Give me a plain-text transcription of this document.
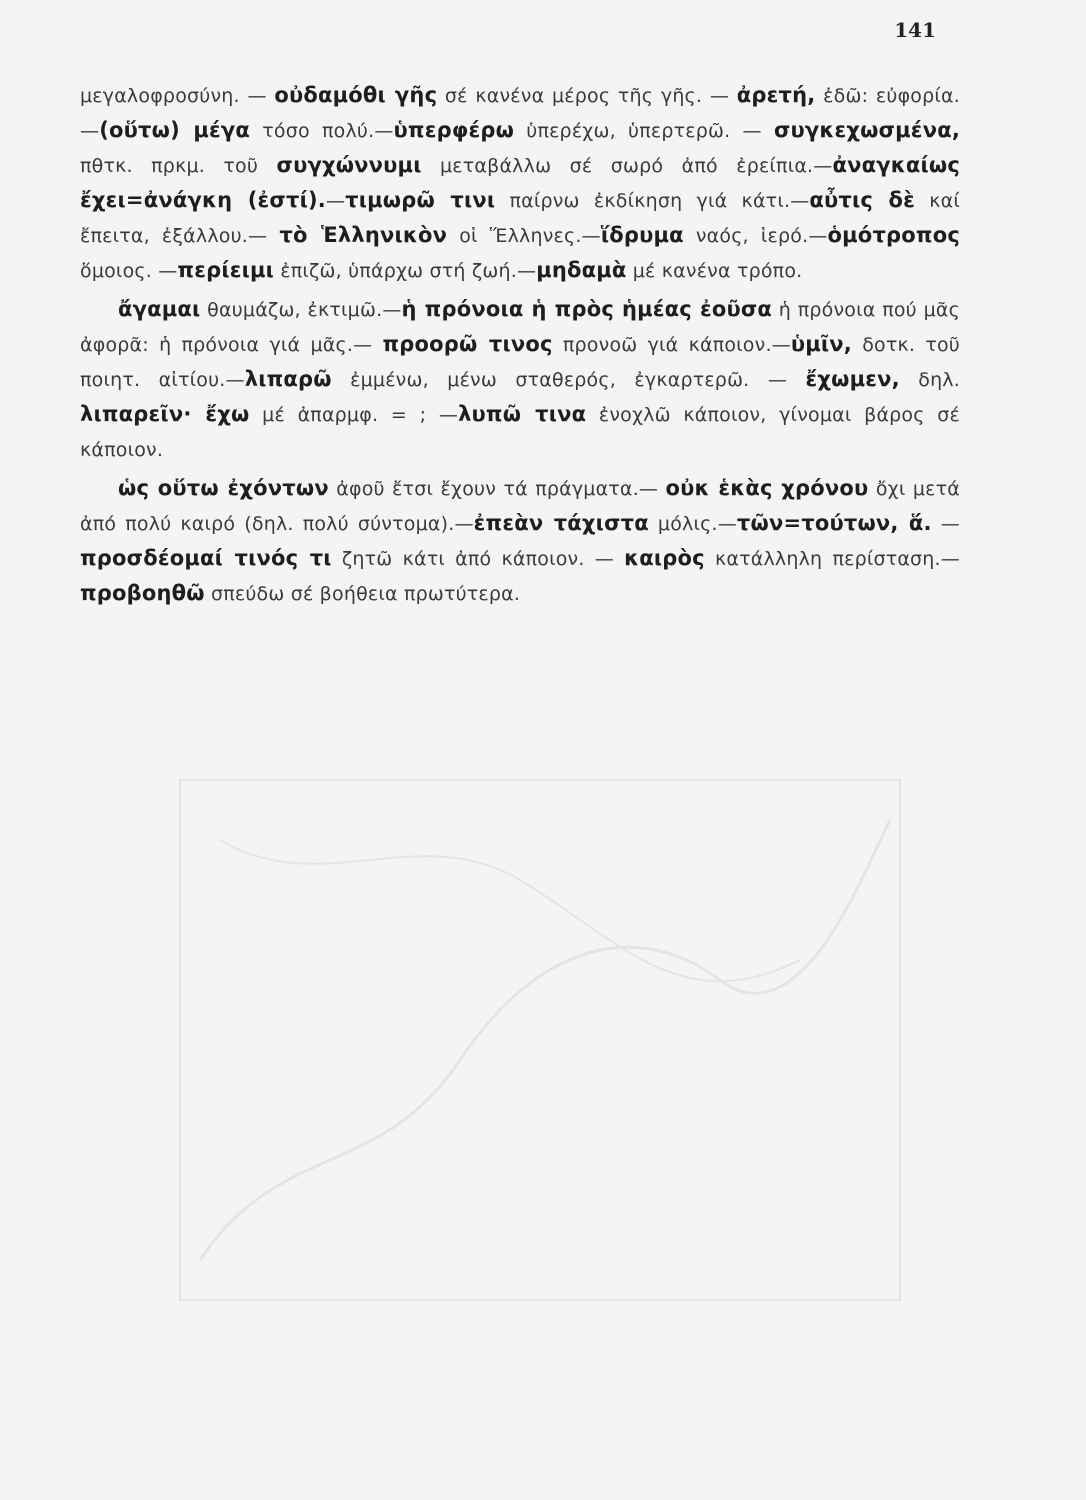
141

μεγαλοφροσύνη. — οὐδαμόθι γῆς σέ κανένα μέρος τῆς γῆς. — ἀρετή, ἐδῶ: εὐφορία.—(οὕτω) μέγα τόσο πολύ.—ὑπερφέρω ὑπερέχω, ὑπερτερῶ. — συγκεχωσμένα, πθτκ. πρκμ. τοῦ συγχώννυμι μεταβάλλω σέ σωρό ἀπό ἐρείπια.—ἀναγκαίως ἔχει=ἀνάγκη (ἐστί).—τιμωρῶ τινι παίρνω ἐκδίκηση γιά κάτι.—αὖτις δὲ καί ἔπειτα, ἐξάλλου.— τὸ Ἑλληνικὸν οἱ Ἕλληνες.—ἵδρυμα ναός, ἱερό.—ὁμότροπος ὅμοιος. —περίειμι ἐπιζῶ, ὑπάρχω στή ζωή.—μηδαμὰ μέ κανένα τρόπο.

ἄγαμαι θαυμάζω, ἐκτιμῶ.—ἡ πρόνοια ἡ πρὸς ἡμέας ἐοῦσα ἡ πρόνοια πού μᾶς ἀφορᾶ: ἡ πρόνοια γιά μᾶς.— προορῶ τινος προνοῶ γιά κάποιον.—ὑμῖν, δοτκ. τοῦ ποιητ. αἰτίου.—λιπαρῶ ἐμμένω, μένω σταθερός, ἐγκαρτερῶ. — ἔχωμεν, δηλ. λιπαρεῖν· ἔχω μέ ἀπαρμφ. = ; —λυπῶ τινα ἐνοχλῶ κάποιον, γίνομαι βάρος σέ κάποιον.

ὡς οὕτω ἐχόντων ἀφοῦ ἔτσι ἔχουν τά πράγματα.— οὐκ ἑκὰς χρόνου ὄχι μετά ἀπό πολύ καιρό (δηλ. πολύ σύντομα).—ἐπεὰν τάχιστα μόλις.—τῶν=τούτων, ἅ. — προσδέομαί τινός τι ζητῶ κάτι ἀπό κάποιον. — καιρὸς κατάλληλη περίσταση.— προβοηθῶ σπεύδω σέ βοήθεια πρωτύτερα.
